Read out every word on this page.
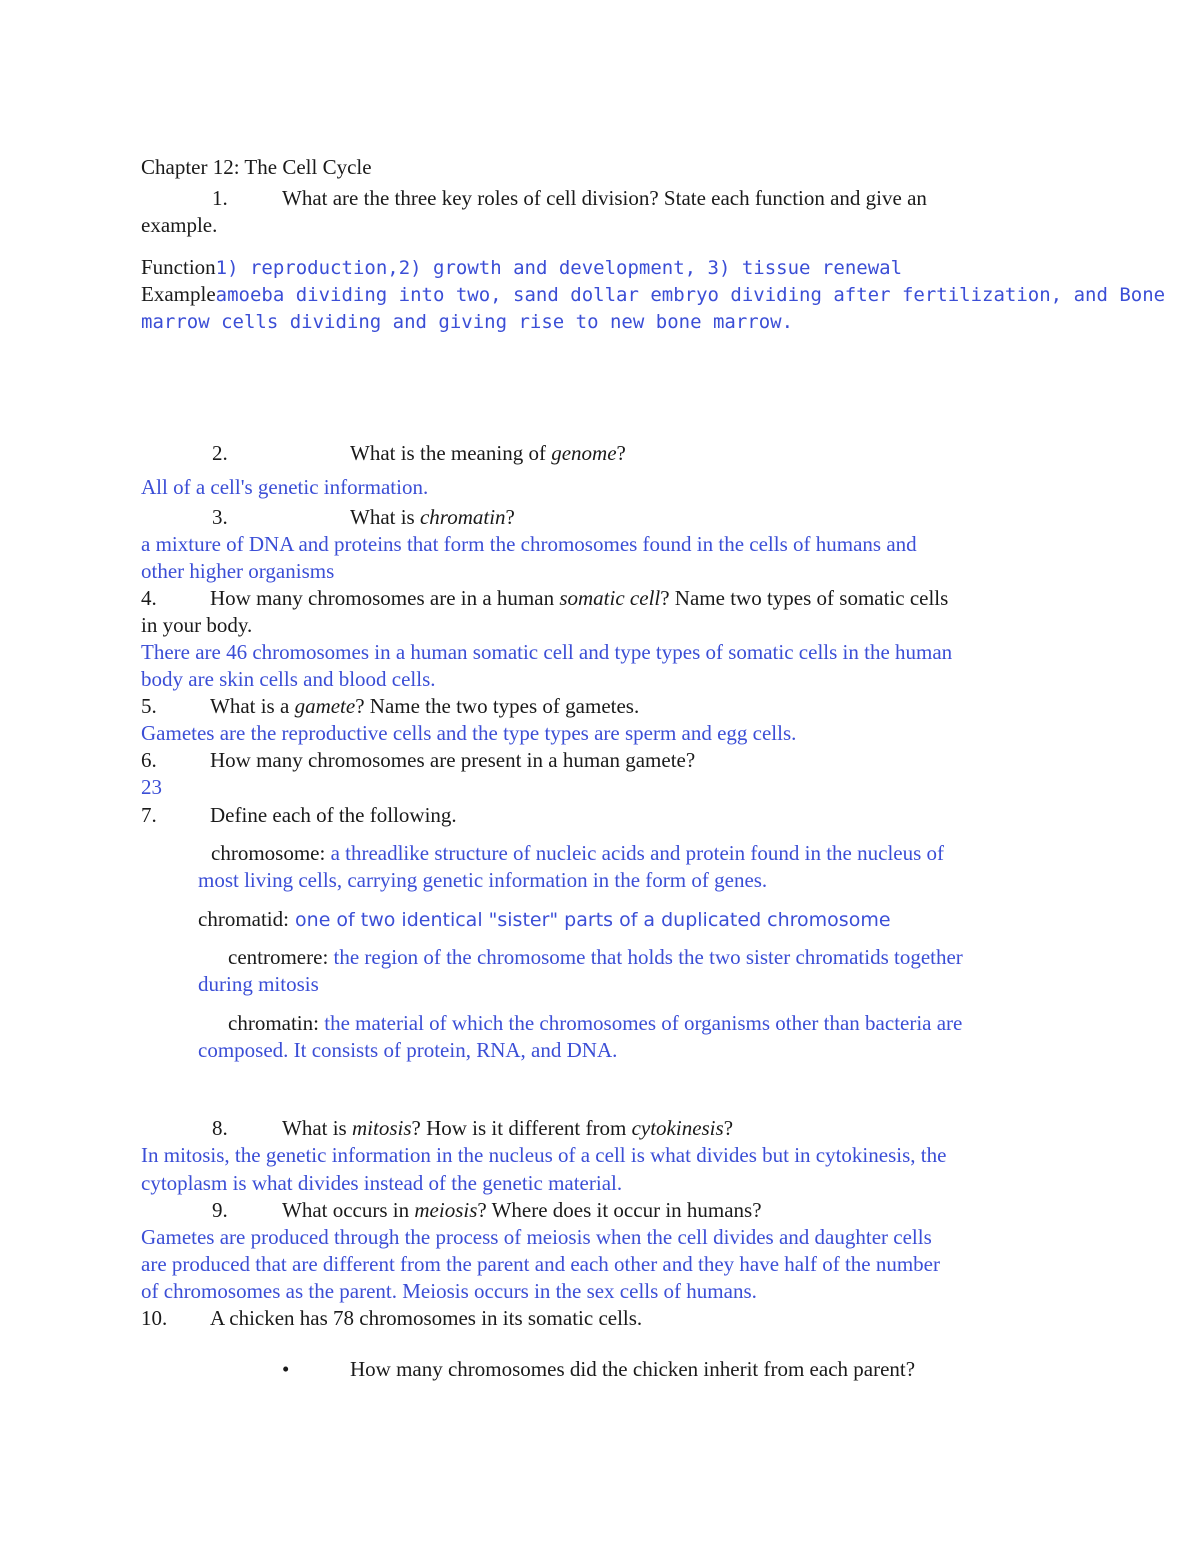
Chapter 12: The Cell Cycle
1.	What are the three key roles of cell division? State each function and give an
example.
Function1) reproduction,2) growth and development, 3) tissue renewal
Exampleamoeba dividing into two, sand dollar embryo dividing after fertilization, and Bone
marrow cells dividing and giving rise to new bone marrow.
2.	What is the meaning of genome?
All of a cell's genetic information.
3.	What is chromatin?
a mixture of DNA and proteins that form the chromosomes found in the cells of humans and
other higher organisms
4.	How many chromosomes are in a human somatic cell? Name two types of somatic cells
in your body.
There are 46 chromosomes in a human somatic cell and type types of somatic cells in the human
body are skin cells and blood cells.
5.	What is a gamete? Name the two types of gametes.
Gametes are the reproductive cells and the type types are sperm and egg cells.
6.	How many chromosomes are present in a human gamete?
23
7.	Define each of the following.
chromosome: a threadlike structure of nucleic acids and protein found in the nucleus of
most living cells, carrying genetic information in the form of genes.
chromatid: one of two identical "sister" parts of a duplicated chromosome
centromere: the region of the chromosome that holds the two sister chromatids together
during mitosis
chromatin: the material of which the chromosomes of organisms other than bacteria are
composed. It consists of protein, RNA, and DNA.
8.	What is mitosis? How is it different from cytokinesis?
In mitosis, the genetic information in the nucleus of a cell is what divides but in cytokinesis, the
cytoplasm is what divides instead of the genetic material.
9.	What occurs in meiosis? Where does it occur in humans?
Gametes are produced through the process of meiosis when the cell divides and daughter cells
are produced that are different from the parent and each other and they have half of the number
of chromosomes as the parent. Meiosis occurs in the sex cells of humans.
10. A chicken has 78 chromosomes in its somatic cells.
•	How many chromosomes did the chicken inherit from each parent?
